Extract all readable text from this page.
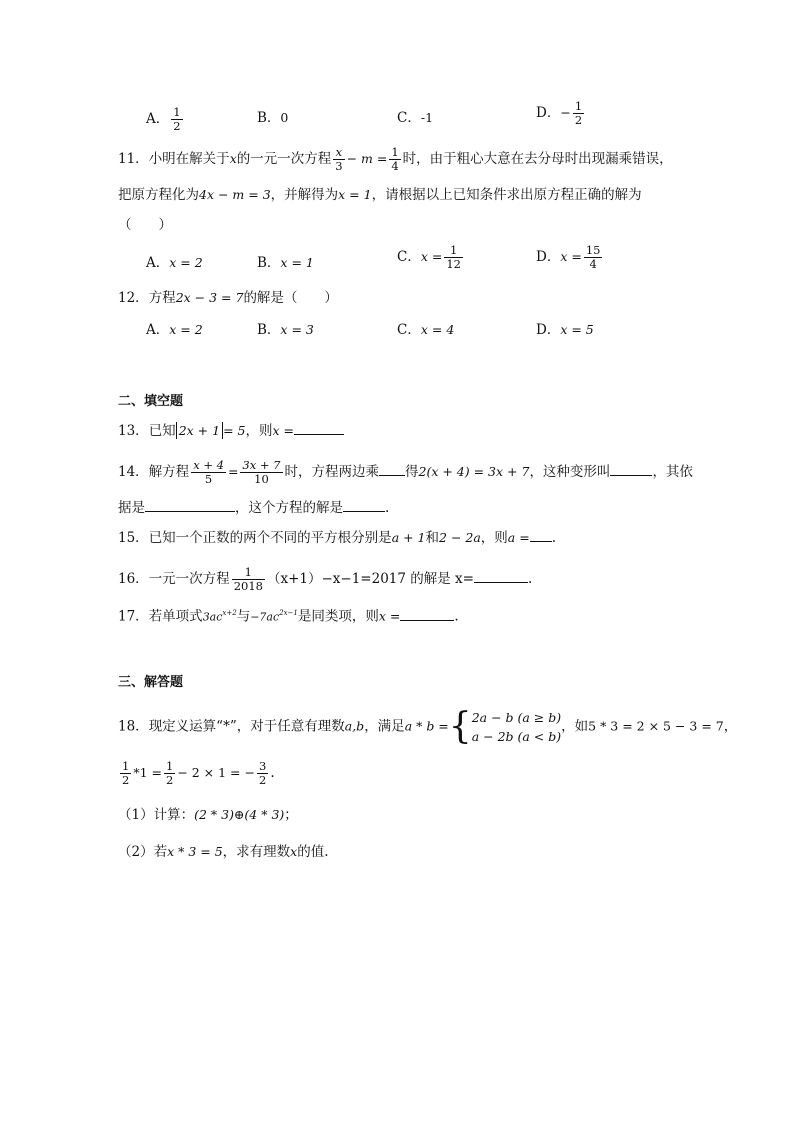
A． $\frac{1}{2}$	B．0	C．-1	D．− $\frac{1}{2}$
11．小明在解关于x的一元一次方程 $\frac{x}{3} - m = \frac{1}{4}$ 时，由于粗心大意在去分母时出现漏乘错误，
把原方程化为4x − m = 3，并解得为x = 1，请根据以上已知条件求出原方程正确的解为
（　　）
A．x = 2	B．x = 1	C．$x = \frac{1}{12}$	D．$x = \frac{15}{4}$
12．方程2x − 3 = 7的解是（　　）
A．x = 2	B．x = 3	C．x = 4	D．x = 5
二、填空题
13．已知 2x + 1 = 5，则x =
14．解方程 $\frac{x + 4}{5} = \frac{3x + 7}{10}$ 时，方程两边乘 得2(x + 4) = 3x + 7，这种变形叫	，其依
据是	，这个方程的解是	.
15．已知一个正数的两个不同的平方根分别是a + 1和2 − 2a，则a = .
16．一元一次方程 $\frac{1}{2018} (x+1)-x-1=2017$ 的解是 x=	.
17．若单项式$3ac^{x+2}$与$-7ac^{2x-1}$是同类项，则x =	.
三、解答题
18．现定义运算“*”，对于任意有理数a,b，满足a * b ={ 2a − b (a ≥ b)
a − 2b (a < b)
，如5 * 3 = 2 × 5 − 3 = 7，
$\frac{1}{2} *1 = \frac{1}{2} - 2 \times 1$ = − $\frac{3}{2}$ .
（1）计算：(2 * 3)⊕(4 * 3)；
（2）若x * 3 = 5，求有理数x的值.
